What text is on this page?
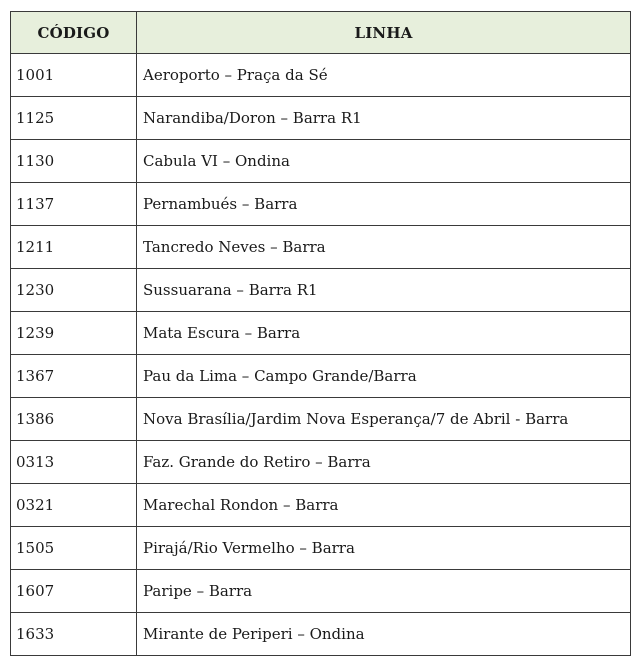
CÓDIGO	LINHA
1001	Aeroporto – Praça da Sé
1125	Narandiba/Doron – Barra R1
1130	Cabula VI – Ondina
1137	Pernambués – Barra
1211	Tancredo Neves – Barra
1230	Sussuarana – Barra R1
1239	Mata Escura – Barra
1367	Pau da Lima – Campo Grande/Barra
1386	Nova Brasília/Jardim Nova Esperança/7 de Abril - Barra
0313	Faz. Grande do Retiro – Barra
0321	Marechal Rondon – Barra
1505	Pirajá/Rio Vermelho – Barra
1607	Paripe – Barra
1633	Mirante de Periperi – Ondina
